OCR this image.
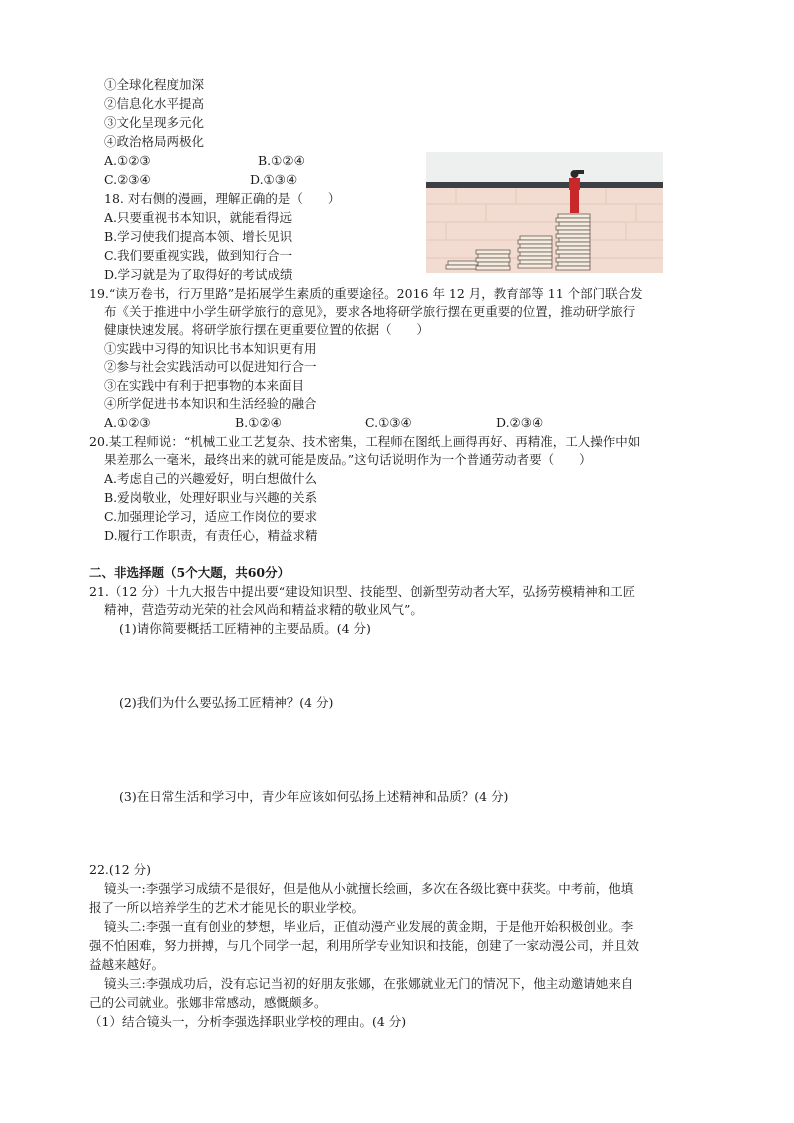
①全球化程度加深
②信息化水平提高
③文化呈现多元化
④政治格局两极化
A.①②③	B.①②④
C.②③④	D.①③④
18. 对右侧的漫画，理解正确的是（　　）
A.只要重视书本知识，就能看得远
B.学习使我们提高本领、增长见识
C.我们要重视实践，做到知行合一
D.学习就是为了取得好的考试成绩
19.“读万卷书，行万里路”是拓展学生素质的重要途径。2016 年 12 月，教育部等 11 个部门联合发
布《关于推进中小学生研学旅行的意见》，要求各地将研学旅行摆在更重要的位置，推动研学旅行
健康快速发展。将研学旅行摆在更重要位置的依据（　　）
①实践中习得的知识比书本知识更有用
②参与社会实践活动可以促进知行合一
③在实践中有利于把事物的本来面目
④所学促进书本知识和生活经验的融合
A.①②③	B.①②④	C.①③④	D.②③④
20.某工程师说：“机械工业工艺复杂、技术密集，工程师在图纸上画得再好、再精准，工人操作中如
果差那么一毫米，最终出来的就可能是废品。”这句话说明作为一个普通劳动者要（　　）
A.考虑自己的兴趣爱好，明白想做什么
B.爱岗敬业，处理好职业与兴趣的关系
C.加强理论学习，适应工作岗位的要求
D.履行工作职责，有责任心，精益求精
二、非选择题（5个大题，共60分）
21.（12 分）十九大报告中提出要“建设知识型、技能型、创新型劳动者大军，弘扬劳模精神和工匠
精神，营造劳动光荣的社会风尚和精益求精的敬业风气”。
(1)请你简要概括工匠精神的主要品质。(4 分)
(2)我们为什么要弘扬工匠精神？(4 分)
(3)在日常生活和学习中，青少年应该如何弘扬上述精神和品质？(4 分)
22.(12 分)
镜头一:李强学习成绩不是很好，但是他从小就擅长绘画，多次在各级比赛中获奖。中考前，他填
报了一所以培养学生的艺术才能见长的职业学校。
镜头二:李强一直有创业的梦想，毕业后，正值动漫产业发展的黄金期，于是他开始积极创业。李
强不怕困难，努力拼搏，与几个同学一起，利用所学专业知识和技能，创建了一家动漫公司，并且效
益越来越好。
镜头三:李强成功后，没有忘记当初的好朋友张娜，在张娜就业无门的情况下，他主动邀请她来自
己的公司就业。张娜非常感动，感慨颇多。
（1）结合镜头一，分析李强选择职业学校的理由。(4 分)
